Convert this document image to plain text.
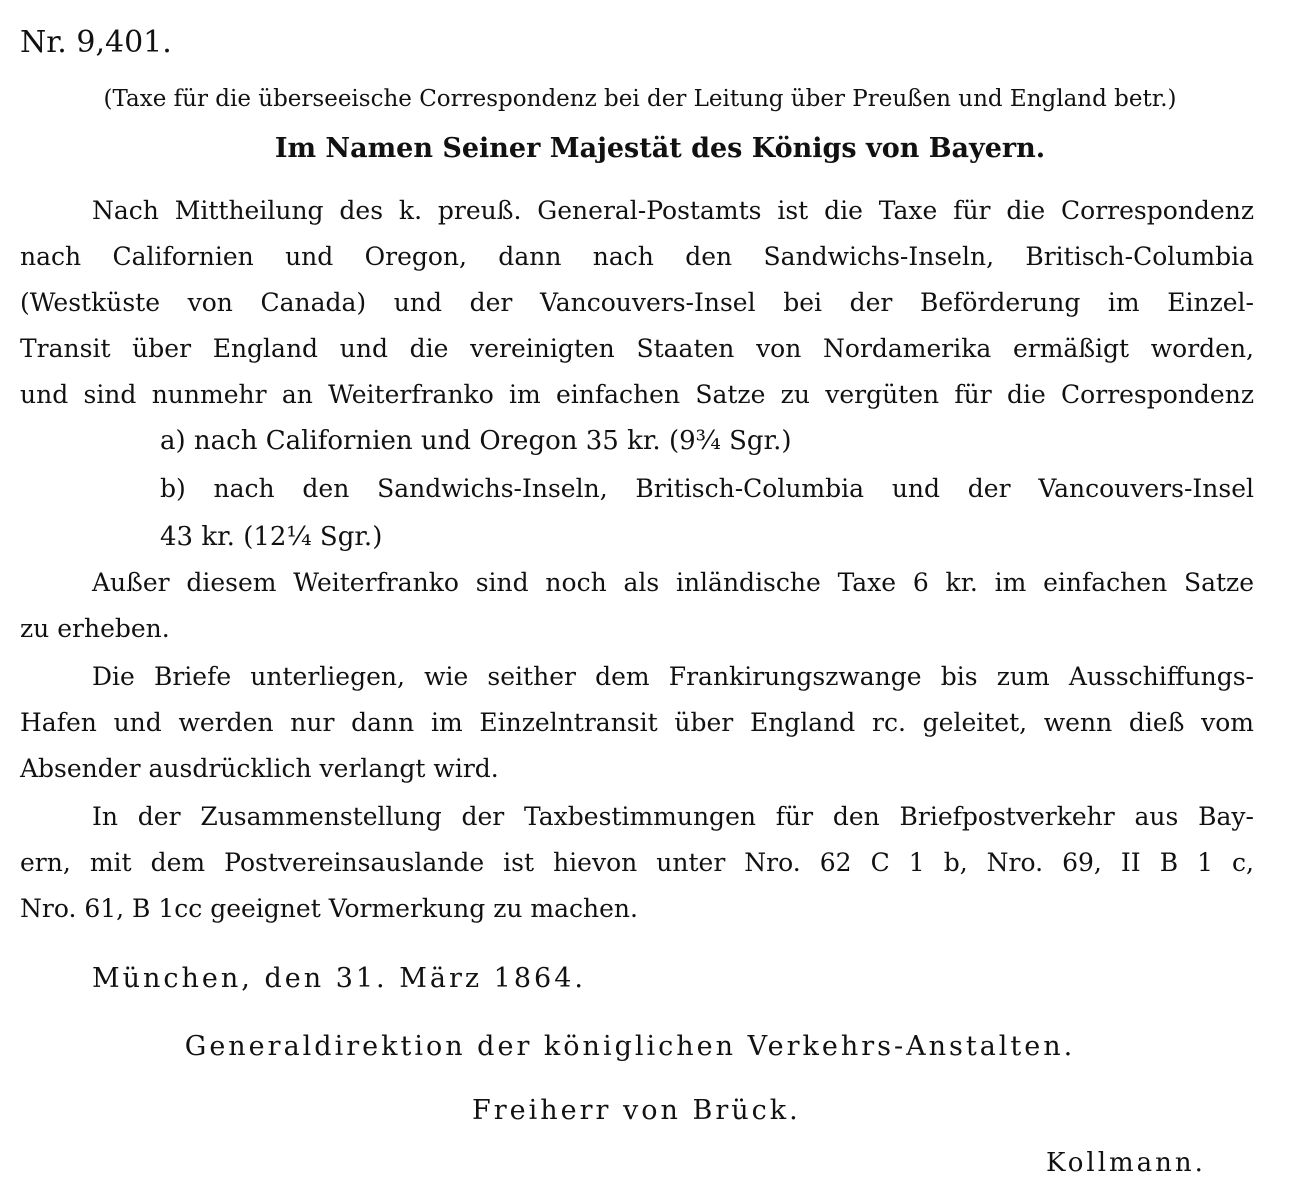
Nr. 9,401.
(Taxe für die überseeische Correspondenz bei der Leitung über Preußen und England betr.)
Im Namen Seiner Majestät des Königs von Bayern.
Nach Mittheilung des k. preuß. General-Postamts ist die Taxe für die Correspondenz
nach Californien und Oregon, dann nach den Sandwichs-Inseln, Britisch-Columbia
(Westküste von Canada) und der Vancouvers-Insel bei der Beförderung im Einzel-
Transit über England und die vereinigten Staaten von Nordamerika ermäßigt worden,
und sind nunmehr an Weiterfranko im einfachen Satze zu vergüten für die Correspondenz
a) nach Californien und Oregon 35 kr. (9¾ Sgr.)
b) nach den Sandwichs-Inseln, Britisch-Columbia und der Vancouvers-Insel
43 kr. (12¼ Sgr.)
Außer diesem Weiterfranko sind noch als inländische Taxe 6 kr. im einfachen Satze
zu erheben.
Die Briefe unterliegen, wie seither dem Frankirungszwange bis zum Ausschiffungs-
Hafen und werden nur dann im Einzelntransit über England rc. geleitet, wenn dieß vom
Absender ausdrücklich verlangt wird.
In der Zusammenstellung der Taxbestimmungen für den Briefpostverkehr aus Bay-
ern, mit dem Postvereinsauslande ist hievon unter Nro. 62 C 1 b, Nro. 69, II B 1 c,
Nro. 61, B 1cc geeignet Vormerkung zu machen.
München, den 31. März 1864.
Generaldirektion der königlichen Verkehrs-Anstalten.
Freiherr von Brück.
Kollmann.
